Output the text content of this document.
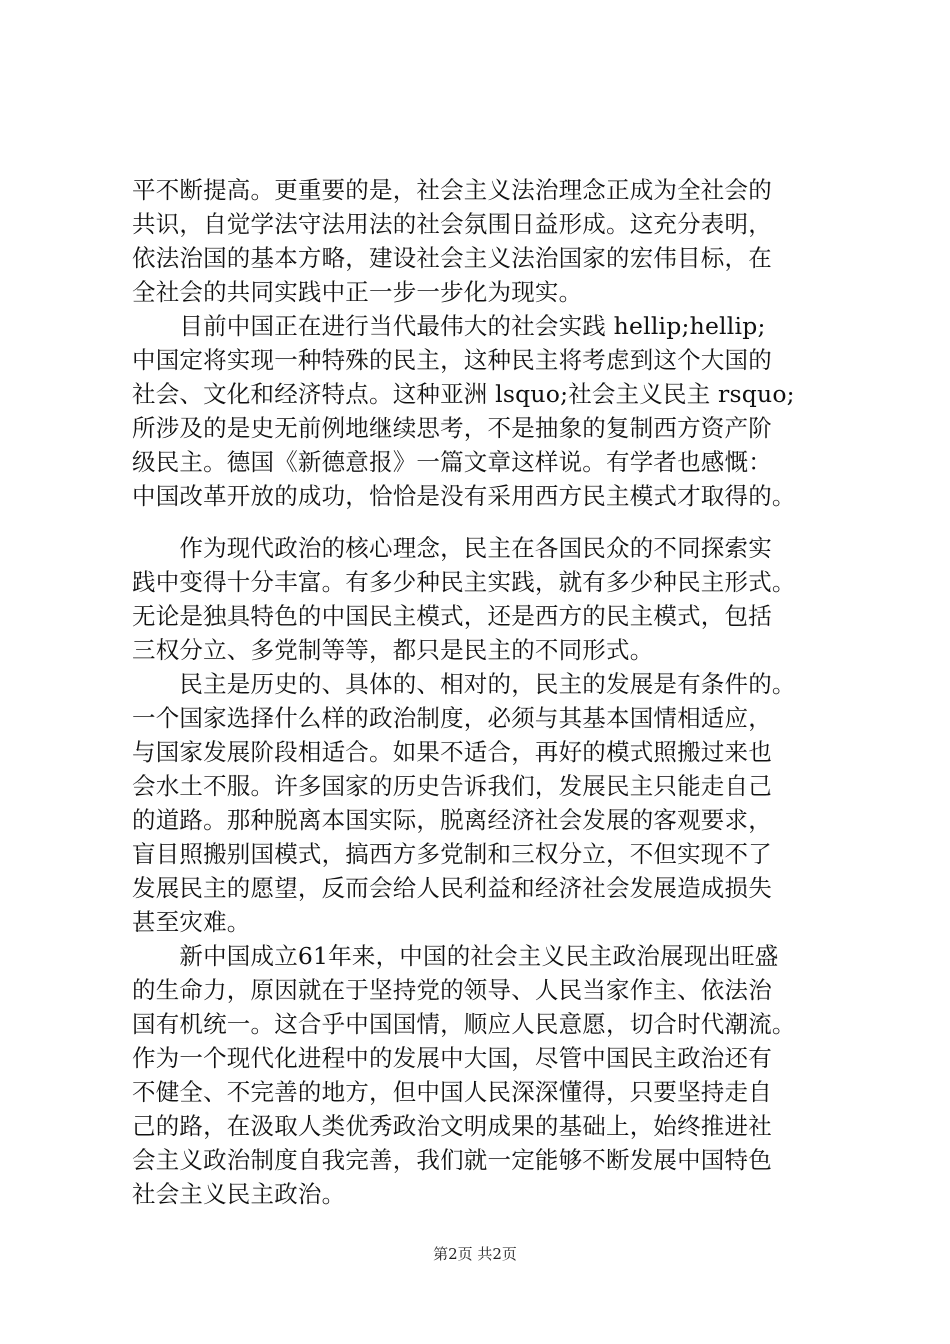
平不断提高。更重要的是，社会主义法治理念正成为全社会的
共识，自觉学法守法用法的社会氛围日益形成。这充分表明，
依法治国的基本方略，建设社会主义法治国家的宏伟目标，在
全社会的共同实践中正一步一步化为现实。
　　目前中国正在进行当代最伟大的社会实践 hellip;hellip;
中国定将实现一种特殊的民主，这种民主将考虑到这个大国的
社会、文化和经济特点。这种亚洲 lsquo;社会主义民主 rsquo;
所涉及的是史无前例地继续思考，不是抽象的复制西方资产阶
级民主。德国《新德意报》一篇文章这样说。有学者也感慨：
中国改革开放的成功，恰恰是没有采用西方民主模式才取得的。
　　作为现代政治的核心理念，民主在各国民众的不同探索实
践中变得十分丰富。有多少种民主实践，就有多少种民主形式。
无论是独具特色的中国民主模式，还是西方的民主模式，包括
三权分立、多党制等等，都只是民主的不同形式。
　　民主是历史的、具体的、相对的，民主的发展是有条件的。
一个国家选择什么样的政治制度，必须与其基本国情相适应，
与国家发展阶段相适合。如果不适合，再好的模式照搬过来也
会水土不服。许多国家的历史告诉我们，发展民主只能走自己
的道路。那种脱离本国实际，脱离经济社会发展的客观要求，
盲目照搬别国模式，搞西方多党制和三权分立，不但实现不了
发展民主的愿望，反而会给人民利益和经济社会发展造成损失
甚至灾难。
　　新中国成立61年来，中国的社会主义民主政治展现出旺盛
的生命力，原因就在于坚持党的领导、人民当家作主、依法治
国有机统一。这合乎中国国情，顺应人民意愿，切合时代潮流。
作为一个现代化进程中的发展中大国，尽管中国民主政治还有
不健全、不完善的地方，但中国人民深深懂得，只要坚持走自
己的路，在汲取人类优秀政治文明成果的基础上，始终推进社
会主义政治制度自我完善，我们就一定能够不断发展中国特色
社会主义民主政治。
第2页 共2页
